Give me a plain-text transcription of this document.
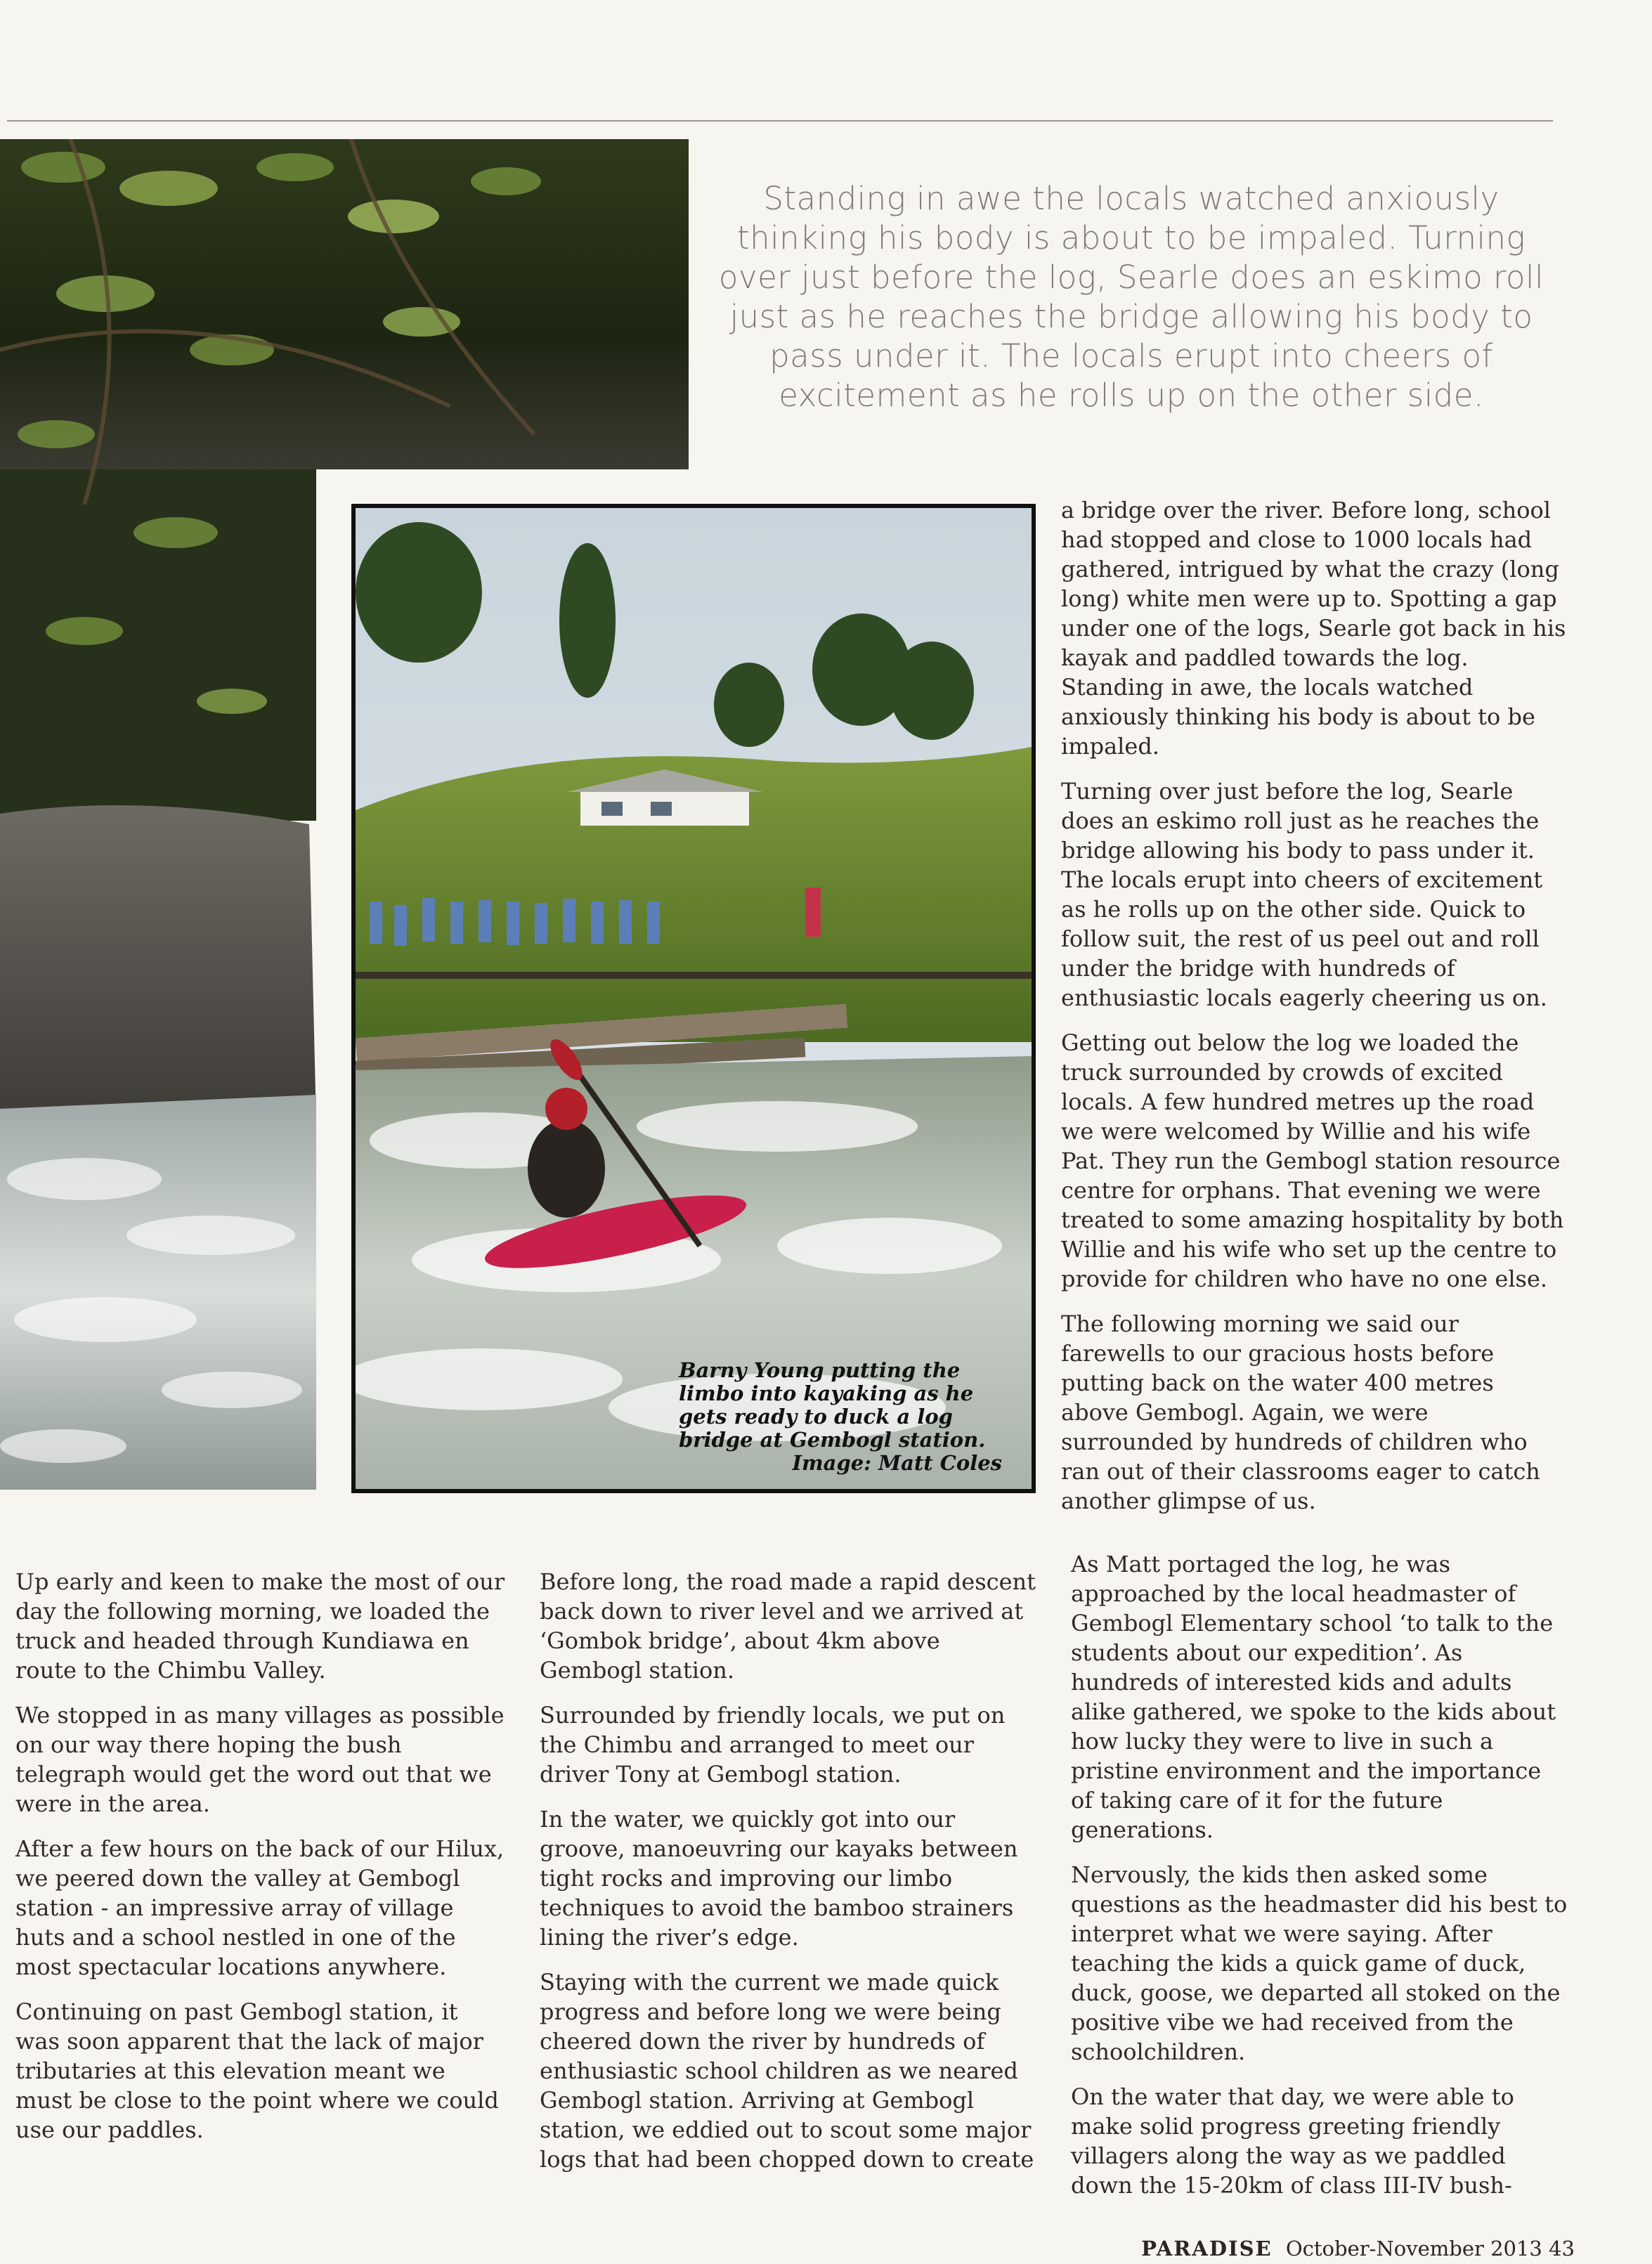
Standing in awe the locals watched anxiously thinking his body is about to be impaled. Turning over just before the log, Searle does an eskimo roll just as he reaches the bridge allowing his body to pass under it. The locals erupt into cheers of excitement as he rolls up on the other side.
Barny Young putting the limbo into kayaking as he gets ready to duck a log bridge at Gembogl station.
Image: Matt Coles

a bridge over the river. Before long, school had stopped and close to 1000 locals had gathered, intrigued by what the crazy (long long) white men were up to. Spotting a gap under one of the logs, Searle got back in his kayak and paddled towards the log. Standing in awe, the locals watched anxiously thinking his body is about to be impaled.

Turning over just before the log, Searle does an eskimo roll just as he reaches the bridge allowing his body to pass under it. The locals erupt into cheers of excitement as he rolls up on the other side. Quick to follow suit, the rest of us peel out and roll under the bridge with hundreds of enthusiastic locals eagerly cheering us on.

Getting out below the log we loaded the truck surrounded by crowds of excited locals. A few hundred metres up the road we were welcomed by Willie and his wife Pat. They run the Gembogl station resource centre for orphans. That evening we were treated to some amazing hospitality by both Willie and his wife who set up the centre to provide for children who have no one else.

The following morning we said our farewells to our gracious hosts before putting back on the water 400 metres above Gembogl. Again, we were surrounded by hundreds of children who ran out of their classrooms eager to catch another glimpse of us.

Up early and keen to make the most of our day the following morning, we loaded the truck and headed through Kundiawa en route to the Chimbu Valley.

We stopped in as many villages as possible on our way there hoping the bush telegraph would get the word out that we were in the area.

After a few hours on the back of our Hilux, we peered down the valley at Gembogl station - an impressive array of village huts and a school nestled in one of the most spectacular locations anywhere.

Continuing on past Gembogl station, it was soon apparent that the lack of major tributaries at this elevation meant we must be close to the point where we could use our paddles.

Before long, the road made a rapid descent back down to river level and we arrived at ‘Gombok bridge’, about 4km above Gembogl station.

Surrounded by friendly locals, we put on the Chimbu and arranged to meet our driver Tony at Gembogl station.

In the water, we quickly got into our groove, manoeuvring our kayaks between tight rocks and improving our limbo techniques to avoid the bamboo strainers lining the river’s edge.

Staying with the current we made quick progress and before long we were being cheered down the river by hundreds of enthusiastic school children as we neared Gembogl station. Arriving at Gembogl station, we eddied out to scout some major logs that had been chopped down to create

As Matt portaged the log, he was approached by the local headmaster of Gembogl Elementary school ‘to talk to the students about our expedition’. As hundreds of interested kids and adults alike gathered, we spoke to the kids about how lucky they were to live in such a pristine environment and the importance of taking care of it for the future generations.

Nervously, the kids then asked some questions as the headmaster did his best to interpret what we were saying. After teaching the kids a quick game of duck, duck, goose, we departed all stoked on the positive vibe we had received from the schoolchildren.

On the water that day, we were able to make solid progress greeting friendly villagers along the way as we paddled down the 15-20km of class III-IV bush-

PARADISE October-November 2013 43
